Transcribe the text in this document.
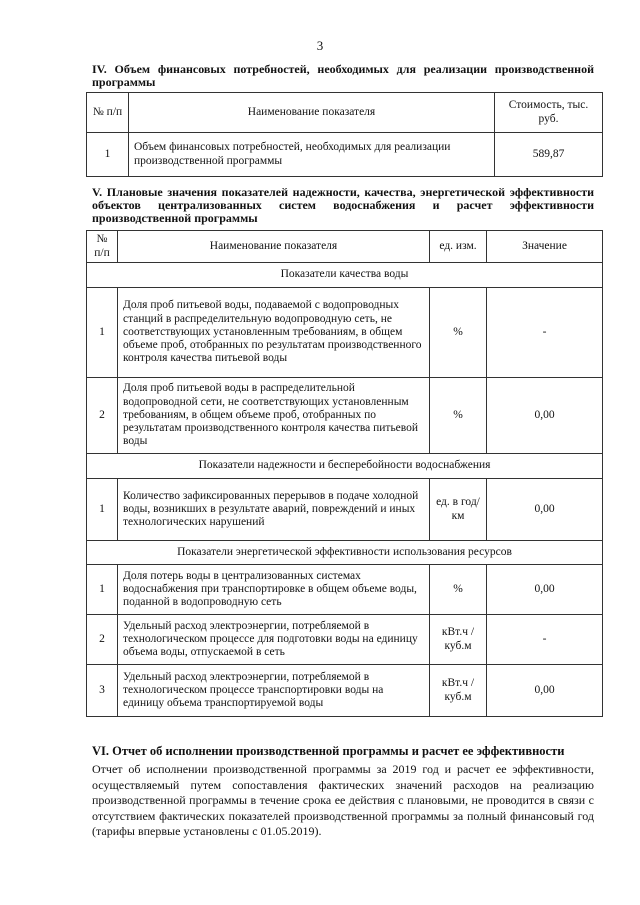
3
IV. Объем финансовых потребностей, необходимых для реализации производственной программы
№ п/п	Наименование показателя	Стоимость, тыс. руб.
1	Объем финансовых потребностей, необходимых для реализации производственной программы	589,87
V. Плановые значения показателей надежности, качества, энергетической эффективности объектов централизованных систем водоснабжения и расчет эффективности производственной программы
№ п/п	Наименование показателя	ед. изм.	Значение
Показатели качества воды			
1	Доля проб питьевой воды, подаваемой с водопроводных станций в распределительную водопроводную сеть, не соответствующих установленным требованиям, в общем объеме проб, отобранных по результатам производственного контроля качества питьевой воды	%	-
2	Доля проб питьевой воды в распределительной водопроводной сети, не соответствующих установленным требованиям, в общем объеме проб, отобранных по результатам производственного контроля качества питьевой воды	%	0,00
Показатели надежности и бесперебойности водоснабжения			
1	Количество зафиксированных перерывов в подаче холодной воды, возникших в результате аварий, повреждений и иных технологических нарушений	ед. в год/ км	0,00
Показатели энергетической эффективности использования ресурсов			
1	Доля потерь воды в централизованных системах водоснабжения при транспортировке в общем объеме воды, поданной в водопроводную сеть	%	0,00
2	Удельный расход электроэнергии, потребляемой в технологическом процессе для подготовки воды на единицу объема воды, отпускаемой в сеть	кВт.ч / куб.м	-
3	Удельный расход электроэнергии, потребляемой в технологическом процессе транспортировки воды на единицу объема транспортируемой воды	кВт.ч / куб.м	0,00
VI. Отчет об исполнении производственной программы и расчет ее эффективности
Отчет об исполнении производственной программы за 2019 год и расчет ее эффективности, осуществляемый путем сопоставления фактических значений расходов на реализацию производственной программы в течение срока ее действия с плановыми, не проводится в связи с отсутствием фактических показателей производственной программы за полный финансовый год (тарифы впервые установлены с 01.05.2019).
